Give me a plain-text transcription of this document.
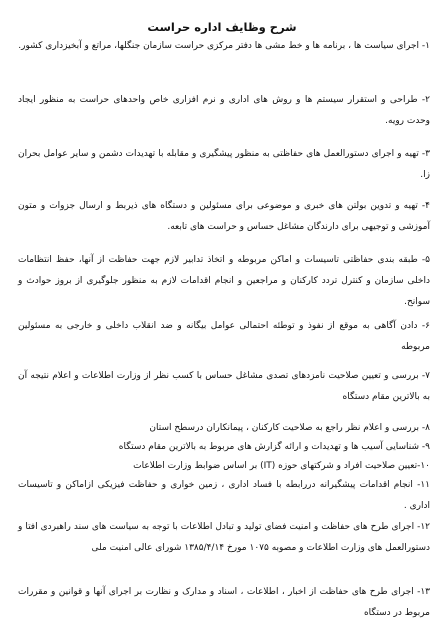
شرح وظایف اداره حراست
۱- اجرای سیاست ها ، برنامه ها و خط مشی ها دفتر مرکزی حراست سازمان جنگلها، مراتع و آبخیزداری کشور.
۲- طراحی و استقرار سیستم ها و روش های اداری و نرم افزاری خاص واحدهای حراست به منظور ایجاد وحدت رویه.
۳- تهیه و اجرای دستورالعمل های حفاظتی به منظور پیشگیری و مقابله با تهدیدات دشمن و سایر عوامل بحران زا.
۴- تهیه و تدوین بولتن های خبری و موضوعی برای مسئولین و دستگاه های ذیربط و ارسال جزوات و متون آموزشی و توجیهی برای دارندگان مشاغل حساس و حراست های تابعه.
۵- طبقه بندی حفاظتی تاسیسات و اماکن مربوطه و اتخاذ تدابیر لازم جهت حفاظت از آنها، حفظ انتظامات داخلی سازمان و کنترل تردد کارکنان و مراجعین و انجام اقدامات لازم به منظور جلوگیری از بروز حوادث و سوانح.
۶- دادن آگاهی به موقع از نفوذ و توطئه احتمالی عوامل بیگانه و ضد انقلاب داخلی و خارجی به مسئولین مربوطه
۷- بررسی و تعیین صلاحیت نامزدهای تصدی مشاغل حساس با کسب نظر از وزارت اطلاعات و اعلام نتیجه آن به بالاترین مقام دستگاه
۸- بررسی و اعلام نظر راجع به صلاحیت کارکنان ، پیمانکاران درسطح استان
۹- شناسایی آسیب ها و تهدیدات و ارائه گزارش های مربوط به بالاترین مقام دستگاه
۱۰-تعیین صلاحیت افراد و شرکتهای حوزه (IT) بر اساس ضوابط وزارت اطلاعات
۱۱- انجام اقدامات پیشگیرانه دررابطه با فساد اداری ، زمین خواری و حفاظت فیزیکی ازاماکن و تاسیسات اداری .
۱۲- اجرای طرح های حفاظت و امنیت فضای تولید و تبادل اطلاعات با توجه به سیاست های سند راهبردی افتا و دستورالعمل های وزارت اطلاعات و مصوبه ۱۰۷۵ مورخ ۱۳۸۵/۴/۱۴ شورای عالی امنیت ملی
۱۳- اجرای طرح های حفاظت از اخبار ، اطلاعات ، اسناد و مدارک و نظارت بر اجرای آنها و قوانین و مقررات مربوط در دستگاه
